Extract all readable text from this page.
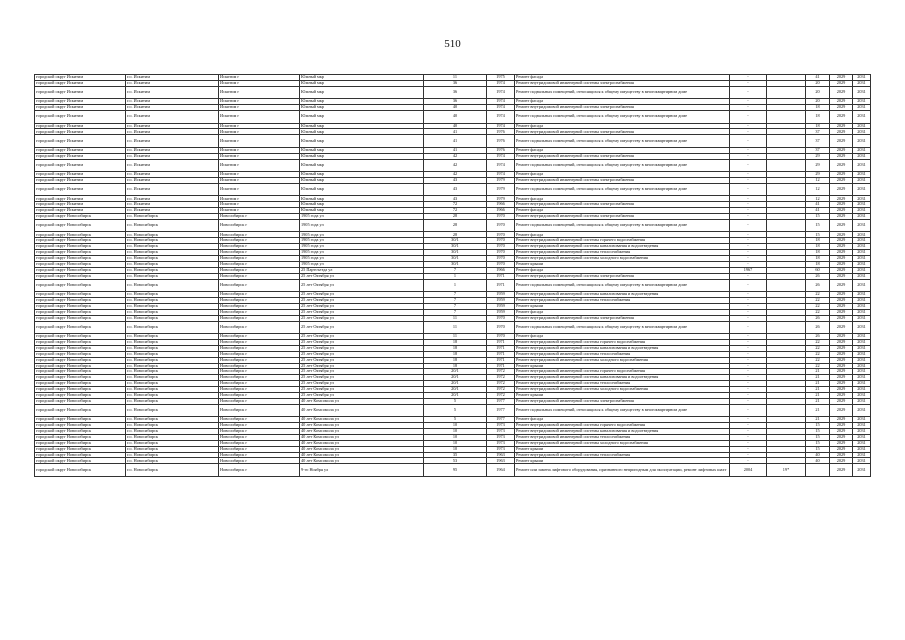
510
городской округ Искитим	г.о. Искитим	Искитим г	Южный мкр	11	1975	Ремонт фасада	-		41	2029	2031
городской округ Искитим	г.о. Искитим	Искитим г	Южный мкр	36	1974	Ремонт внутридомовой инженерной системы электроснабжения	-		20	2029	2031
городской округ Искитим	г.о. Искитим	Искитим г	Южный мкр	36	1974	Ремонт подвальных помещений, относящихся к общему имуществу в многоквартирном доме	-		20	2029	2031
городской округ Искитим	г.о. Искитим	Искитим г	Южный мкр	36	1974	Ремонт фасада	-		20	2029	2031
городской округ Искитим	г.о. Искитим	Искитим г	Южный мкр	40	1974	Ремонт внутридомовой инженерной системы электроснабжения	-		18	2029	2031
городской округ Искитим	г.о. Искитим	Искитим г	Южный мкр	40	1974	Ремонт подвальных помещений, относящихся к общему имуществу в многоквартирном доме	-		18	2029	2031
городской округ Искитим	г.о. Искитим	Искитим г	Южный мкр	40	1974	Ремонт фасада	-		18	2029	2031
городской округ Искитим	г.о. Искитим	Искитим г	Южный мкр	41	1976	Ремонт внутридомовой инженерной системы электроснабжения	-		37	2029	2031
городской округ Искитим	г.о. Искитим	Искитим г	Южный мкр	41	1976	Ремонт подвальных помещений, относящихся к общему имуществу в многоквартирном доме	-		37	2029	2031
городской округ Искитим	г.о. Искитим	Искитим г	Южный мкр	41	1976	Ремонт фасада	-		37	2029	2031
городской округ Искитим	г.о. Искитим	Искитим г	Южный мкр	42	1974	Ремонт внутридомовой инженерной системы электроснабжения	-		29	2029	2031
городской округ Искитим	г.о. Искитим	Искитим г	Южный мкр	42	1974	Ремонт подвальных помещений, относящихся к общему имуществу в многоквартирном доме	-		29	2029	2031
городской округ Искитим	г.о. Искитим	Искитим г	Южный мкр	42	1974	Ремонт фасада	-		29	2029	2031
городской округ Искитим	г.о. Искитим	Искитим г	Южный мкр	43	1979	Ремонт внутридомовой инженерной системы электроснабжения	-		12	2029	2031
городской округ Искитим	г.о. Искитим	Искитим г	Южный мкр	43	1979	Ремонт подвальных помещений, относящихся к общему имуществу в многоквартирном доме	-		12	2029	2031
городской округ Искитим	г.о. Искитим	Искитим г	Южный мкр	43	1979	Ремонт фасада	-		12	2029	2031
городской округ Искитим	г.о. Искитим	Искитим г	Южный мкр	72	1966	Ремонт внутридомовой инженерной системы электроснабжения	-		41	2029	2031
городской округ Искитим	г.о. Искитим	Искитим г	Южный мкр	72	1966	Ремонт фасада	-		41	2029	2031
городской округ Новосибирск	г.о. Новосибирск	Новосибирск г	1905 года ул	28	1970	Ремонт внутридомовой инженерной системы электроснабжения	-		15	2029	2031
городской округ Новосибирск	г.о. Новосибирск	Новосибирск г	1905 года ул	28	1970	Ремонт подвальных помещений, относящихся к общему имуществу в многоквартирном доме	-		15	2029	2031
городской округ Новосибирск	г.о. Новосибирск	Новосибирск г	1905 года ул	28	1970	Ремонт фасада	-		15	2029	2031
городской округ Новосибирск	г.о. Новосибирск	Новосибирск г	1905 года ул	30/1	1970	Ремонт внутридомовой инженерной системы горячего водоснабжения	-		18	2029	2031
городской округ Новосибирск	г.о. Новосибирск	Новосибирск г	1905 года ул	30/1	1970	Ремонт внутридомовой инженерной системы канализования и водоотведения	-		18	2029	2031
городской округ Новосибирск	г.о. Новосибирск	Новосибирск г	1905 года ул	30/1	1970	Ремонт внутридомовой инженерной системы теплоснабжения	-		18	2029	2031
городской округ Новосибирск	г.о. Новосибирск	Новосибирск г	1905 года ул	30/1	1970	Ремонт внутридомовой инженерной системы холодного водоснабжения	-		18	2029	2031
городской округ Новосибирск	г.о. Новосибирск	Новосибирск г	1905 года ул	30/1	1970	Ремонт крыши	-		18	2029	2031
городской округ Новосибирск	г.о. Новосибирск	Новосибирск г	25 Партсъезда ул	7	1966	Ремонт фасада	1967		60	2029	2031
городской округ Новосибирск	г.о. Новосибирск	Новосибирск г	25 лет Октября ул	1	1971	Ремонт внутридомовой инженерной системы электроснабжения	-		26	2029	2031
городской округ Новосибирск	г.о. Новосибирск	Новосибирск г	25 лет Октября ул	1	1971	Ремонт подвальных помещений, относящихся к общему имуществу в многоквартирном доме	-		26	2029	2031
городской округ Новосибирск	г.о. Новосибирск	Новосибирск г	25 лет Октября ул	7	1959	Ремонт внутридомовой инженерной системы канализования и водоотведения	-		22	2029	2031
городской округ Новосибирск	г.о. Новосибирск	Новосибирск г	25 лет Октября ул	7	1959	Ремонт внутридомовой инженерной системы теплоснабжения	-		22	2029	2031
городской округ Новосибирск	г.о. Новосибирск	Новосибирск г	25 лет Октября ул	7	1959	Ремонт крыши	-		22	2029	2031
городской округ Новосибирск	г.о. Новосибирск	Новосибирск г	25 лет Октября ул	7	1959	Ремонт фасада	-		22	2029	2031
городской округ Новосибирск	г.о. Новосибирск	Новосибирск г	25 лет Октября ул	11	1970	Ремонт внутридомовой инженерной системы электроснабжения	-		26	2029	2031
городской округ Новосибирск	г.о. Новосибирск	Новосибирск г	25 лет Октября ул	11	1970	Ремонт подвальных помещений, относящихся к общему имуществу в многоквартирном доме	-		26	2029	2031
городской округ Новосибирск	г.о. Новосибирск	Новосибирск г	25 лет Октября ул	11	1970	Ремонт фасада	-		26	2029	2031
городской округ Новосибирск	г.о. Новосибирск	Новосибирск г	25 лет Октября ул	18	1971	Ремонт внутридомовой инженерной системы горячего водоснабжения	-		22	2029	2031
городской округ Новосибирск	г.о. Новосибирск	Новосибирск г	25 лет Октября ул	18	1971	Ремонт внутридомовой инженерной системы канализования и водоотведения	-		22	2029	2031
городской округ Новосибирск	г.о. Новосибирск	Новосибирск г	25 лет Октября ул	18	1971	Ремонт внутридомовой инженерной системы теплоснабжения	-		22	2029	2031
городской округ Новосибирск	г.о. Новосибирск	Новосибирск г	25 лет Октября ул	18	1971	Ремонт внутридомовой инженерной системы холодного водоснабжения	-		22	2029	2031
городской округ Новосибирск	г.о. Новосибирск	Новосибирск г	25 лет Октября ул	18	1971	Ремонт крыши	-		22	2029	2031
городской округ Новосибирск	г.о. Новосибирск	Новосибирск г	25 лет Октября ул	20/1	1972	Ремонт внутридомовой инженерной системы горячего водоснабжения	-		21	2029	2031
городской округ Новосибирск	г.о. Новосибирск	Новосибирск г	25 лет Октября ул	20/1	1972	Ремонт внутридомовой инженерной системы канализования и водоотведения	-		21	2029	2031
городской округ Новосибирск	г.о. Новосибирск	Новосибирск г	25 лет Октября ул	20/1	1972	Ремонт внутридомовой инженерной системы теплоснабжения	-		21	2029	2031
городской округ Новосибирск	г.о. Новосибирск	Новосибирск г	25 лет Октября ул	20/1	1972	Ремонт внутридомовой инженерной системы холодного водоснабжения	-		21	2029	2031
городской округ Новосибирск	г.о. Новосибирск	Новосибирск г	25 лет Октября ул	20/1	1972	Ремонт крыши	-		21	2029	2031
городской округ Новосибирск	г.о. Новосибирск	Новосибирск г	40 лет Комсомола ул	5	1977	Ремонт внутридомовой инженерной системы электроснабжения	-		21	2029	2031
городской округ Новосибирск	г.о. Новосибирск	Новосибирск г	40 лет Комсомола ул	5	1977	Ремонт подвальных помещений, относящихся к общему имуществу в многоквартирном доме	-		21	2029	2031
городской округ Новосибирск	г.о. Новосибирск	Новосибирск г	40 лет Комсомола ул	5	1977	Ремонт фасада	-		21	2029	2031
городской округ Новосибирск	г.о. Новосибирск	Новосибирск г	40 лет Комсомола ул	10	1973	Ремонт внутридомовой инженерной системы горячего водоснабжения	-		15	2029	2031
городской округ Новосибирск	г.о. Новосибирск	Новосибирск г	40 лет Комсомола ул	10	1973	Ремонт внутридомовой инженерной системы канализования и водоотведения	-		15	2029	2031
городской округ Новосибирск	г.о. Новосибирск	Новосибирск г	40 лет Комсомола ул	10	1973	Ремонт внутридомовой инженерной системы теплоснабжения	-		15	2029	2031
городской округ Новосибирск	г.о. Новосибирск	Новосибирск г	40 лет Комсомола ул	10	1973	Ремонт внутридомовой инженерной системы холодного водоснабжения	-		15	2029	2031
городской округ Новосибирск	г.о. Новосибирск	Новосибирск г	40 лет Комсомола ул	10	1973	Ремонт крыши	-		15	2029	2031
городской округ Новосибирск	г.о. Новосибирск	Новосибирск г	40 лет Комсомола ул	35	1963	Ремонт внутридомовой инженерной системы теплоснабжения	-		40	2029	2031
городской округ Новосибирск	г.о. Новосибирск	Новосибирск г	40 лет Комсомола ул	53	1963	Ремонт крыши	-		40	2029	2031
городской округ Новосибирск	г.о. Новосибирск	Новосибирск г	9-го Ноября ул	95	1964	Ремонт или замена лифтового оборудования, признанного непригодным для эксплуатации, ремонт лифтовых шахт	2004	19*		2029	2031
